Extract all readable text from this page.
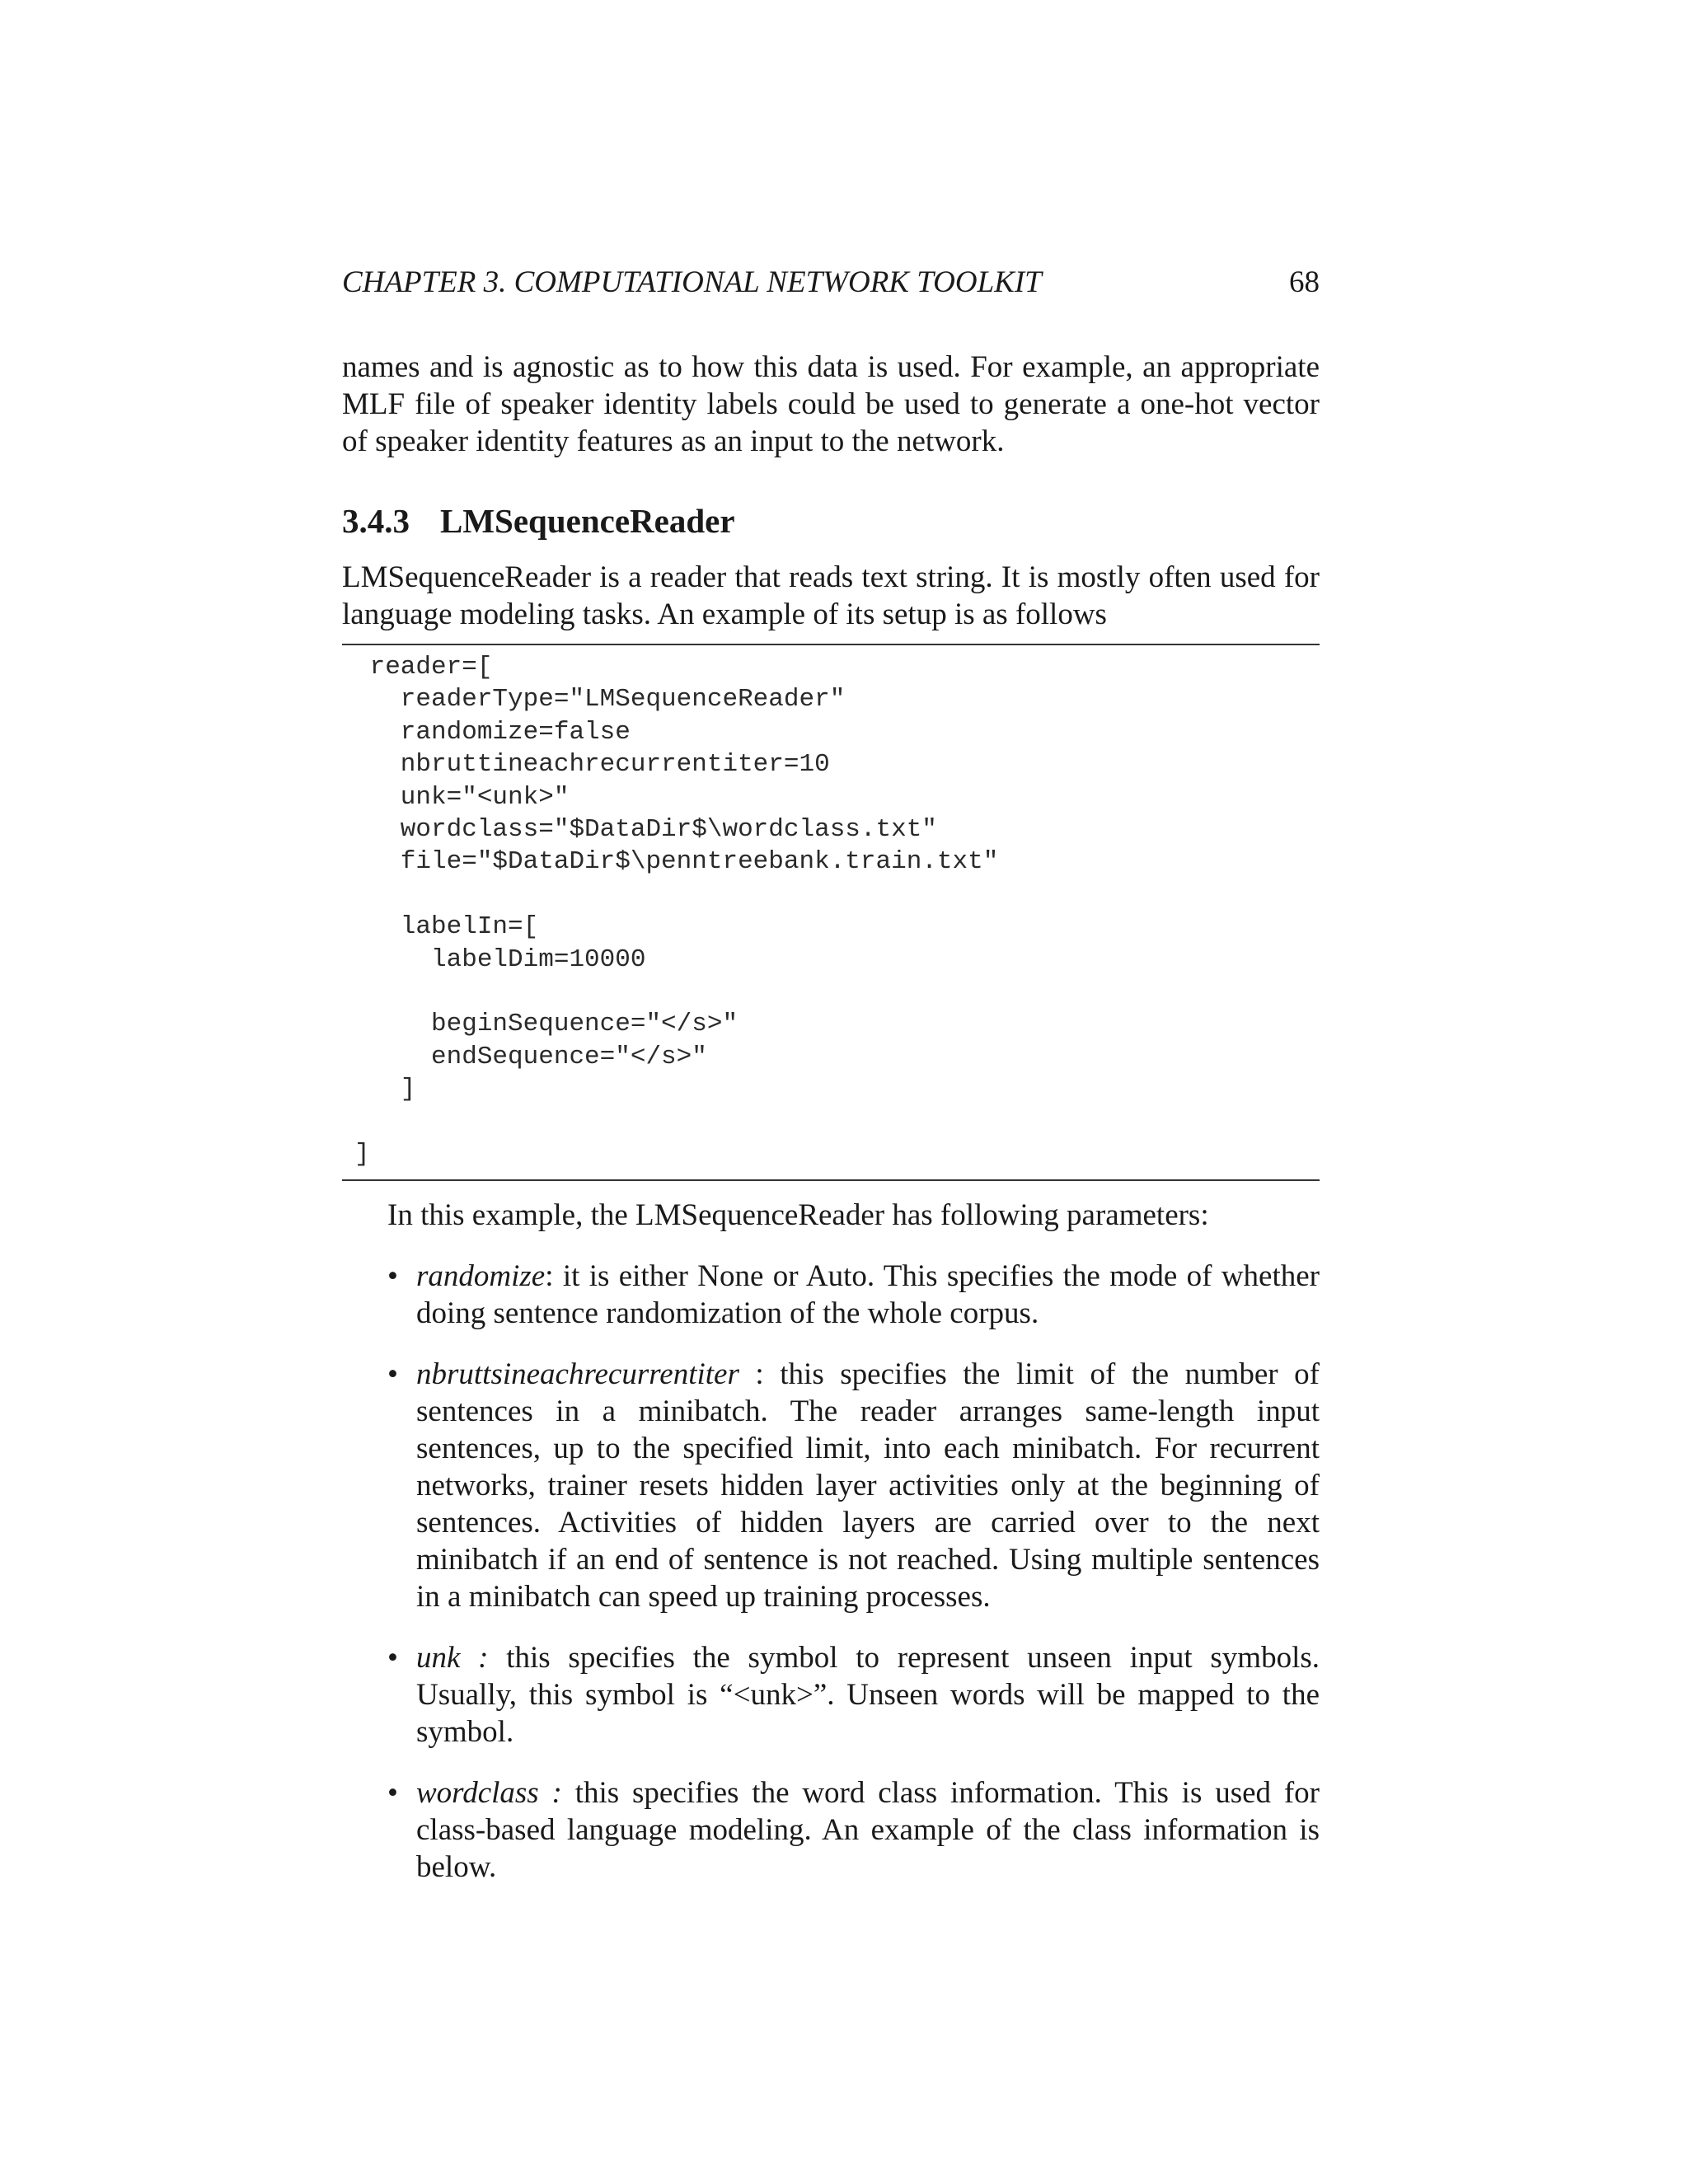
CHAPTER 3. COMPUTATIONAL NETWORK TOOLKIT	68

names and is agnostic as to how this data is used. For example, an appropriate MLF file of speaker identity labels could be used to generate a one-hot vector of speaker identity features as an input to the network.

3.4.3 LMSequenceReader

LMSequenceReader is a reader that reads text string. It is mostly often used for language modeling tasks. An example of its setup is as follows

reader=[
readerType="LMSequenceReader"
randomize=false
nbruttineachrecurrentiter=10
unk="<unk>"
wordclass="$DataDir$\wordclass.txt"
file="$DataDir$\penntreebank.train.txt"

labelIn=[
labelDim=10000

beginSequence="</s>"
endSequence="</s>"
]

]

In this example, the LMSequenceReader has following parameters:

• randomize: it is either None or Auto. This specifies the mode of whether doing sentence randomization of the whole corpus.
• nbruttsineachrecurrentiter : this specifies the limit of the number of sentences in a minibatch. The reader arranges same-length input sentences, up to the specified limit, into each minibatch. For recurrent networks, trainer resets hidden layer activities only at the beginning of sentences. Activities of hidden layers are carried over to the next minibatch if an end of sentence is not reached. Using multiple sentences in a minibatch can speed up training processes.
• unk : this specifies the symbol to represent unseen input symbols. Usually, this symbol is “<unk>”. Unseen words will be mapped to the symbol.
• wordclass : this specifies the word class information. This is used for class-based language modeling. An example of the class information is below.
